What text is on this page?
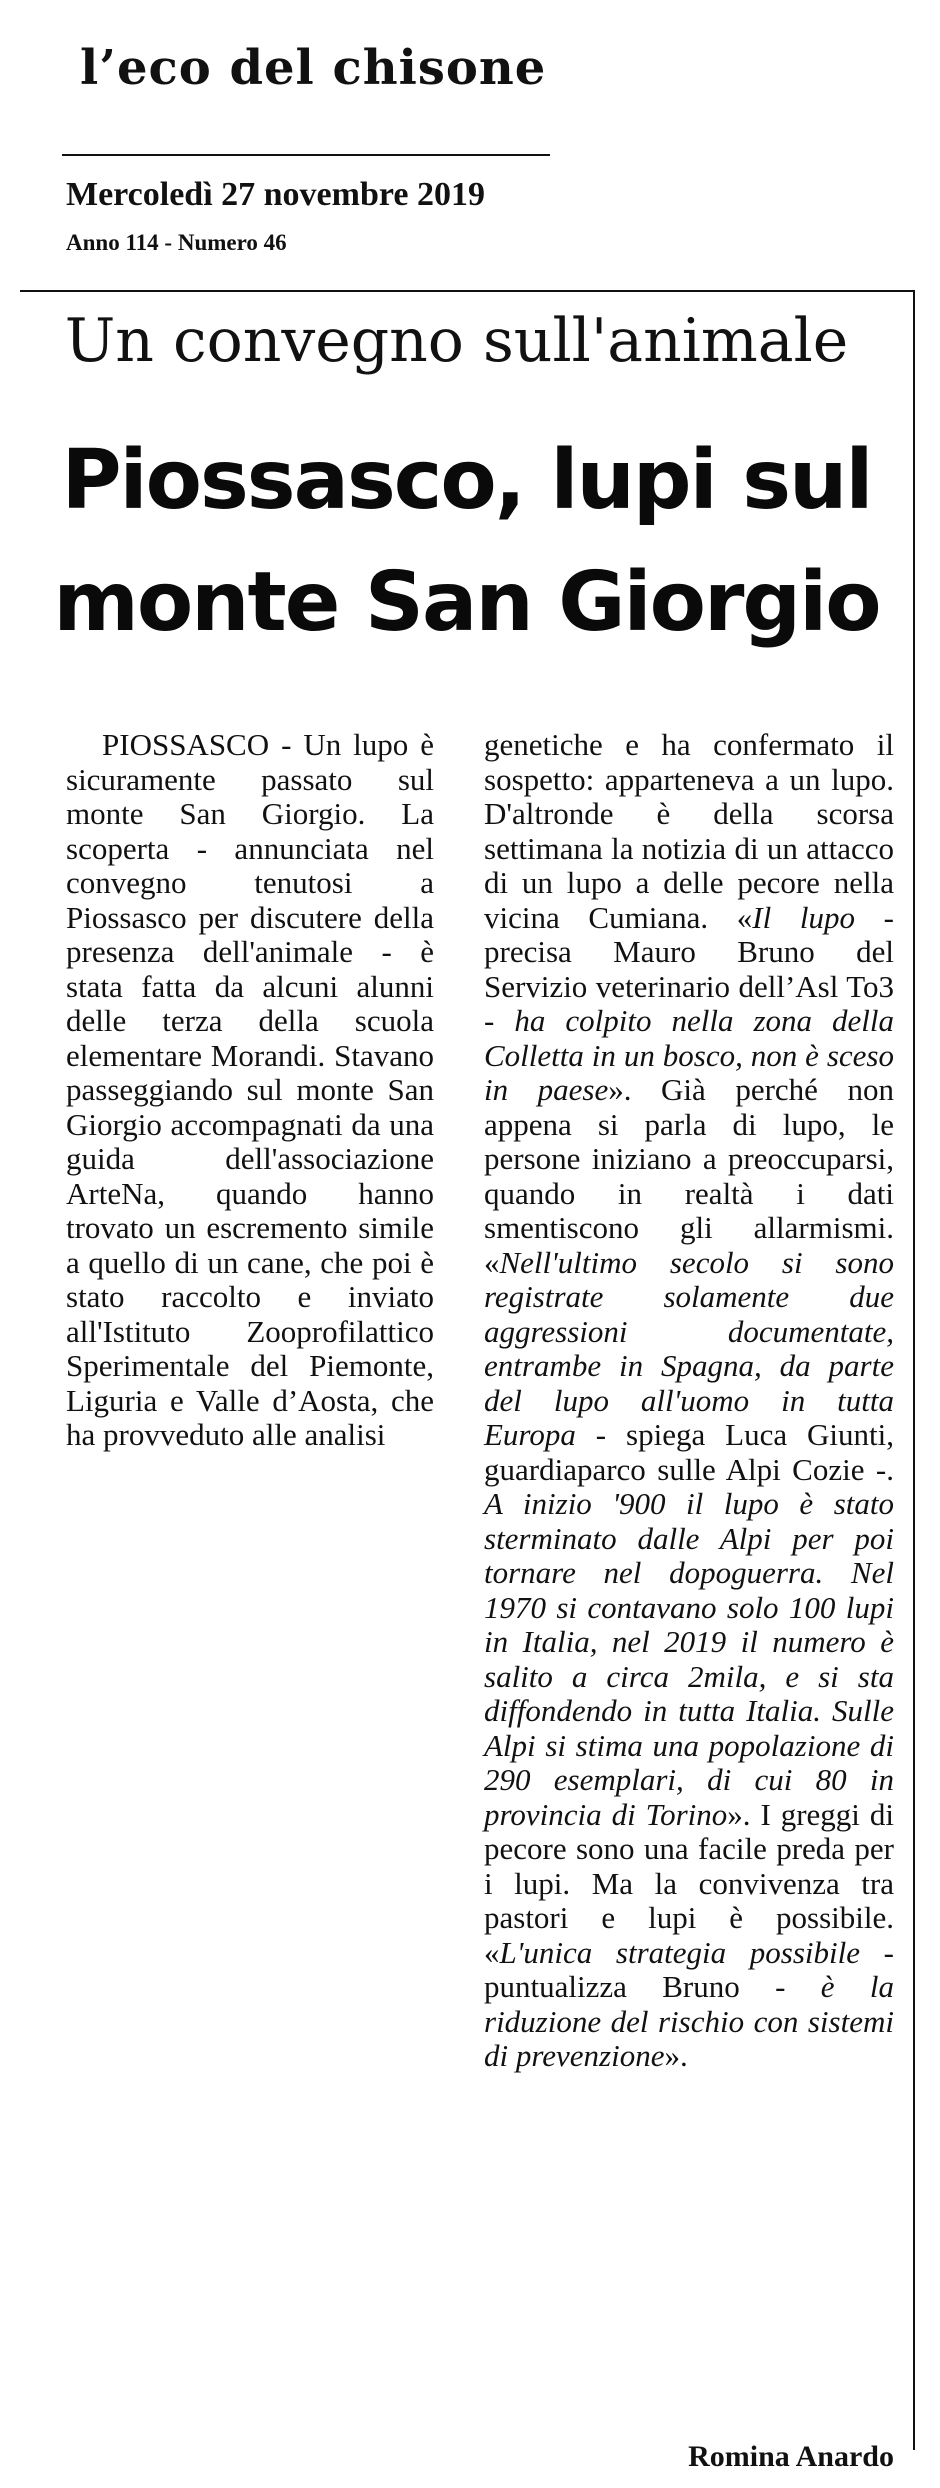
l’eco del chisone
Mercoledì 27 novembre 2019
Anno 114 - Numero 46
Un convegno sull'animale
Piossasco, lupi sul
monte San Giorgio

PIOSSASCO - Un lupo è sicuramente passato sul monte San Giorgio. La scoperta - annunciata nel convegno tenutosi a Piossasco per discutere della presenza dell'animale - è stata fatta da alcuni alunni delle terza della scuola elementare Morandi. Stavano passeggiando sul monte San Giorgio accompagnati da una guida dell'associazione ArteNa, quando hanno trovato un escremento simile a quello di un cane, che poi è stato raccolto e inviato all'Istituto Zooprofilattico Sperimentale del Piemonte, Liguria e Valle d’Aosta, che ha provveduto alle analisi

genetiche e ha confermato il sospetto: apparteneva a un lupo. D'altronde è della scorsa settimana la notizia di un attacco di un lupo a delle pecore nella vicina Cumiana. «Il lupo - precisa Mauro Bruno del Servizio veterinario dell’Asl To3 - ha colpito nella zona della Colletta in un bosco, non è sceso in paese». Già perché non appena si parla di lupo, le persone iniziano a preoccuparsi, quando in realtà i dati smentiscono gli allarmismi. «Nell'ultimo secolo si sono registrate solamente due aggressioni documentate, entrambe in Spagna, da parte del lupo all'uomo in tutta Europa - spiega Luca Giunti, guardiaparco sulle Alpi Cozie -. A inizio '900 il lupo è stato sterminato dalle Alpi per poi tornare nel dopoguerra. Nel 1970 si contavano solo 100 lupi in Italia, nel 2019 il numero è salito a circa 2mila, e si sta diffondendo in tutta Italia. Sulle Alpi si stima una popolazione di 290 esemplari, di cui 80 in provincia di Torino». I greggi di pecore sono una facile preda per i lupi. Ma la convivenza tra pastori e lupi è possibile. «L'unica strategia possibile - puntualizza Bruno - è la riduzione del rischio con sistemi di prevenzione».

Romina Anardo
